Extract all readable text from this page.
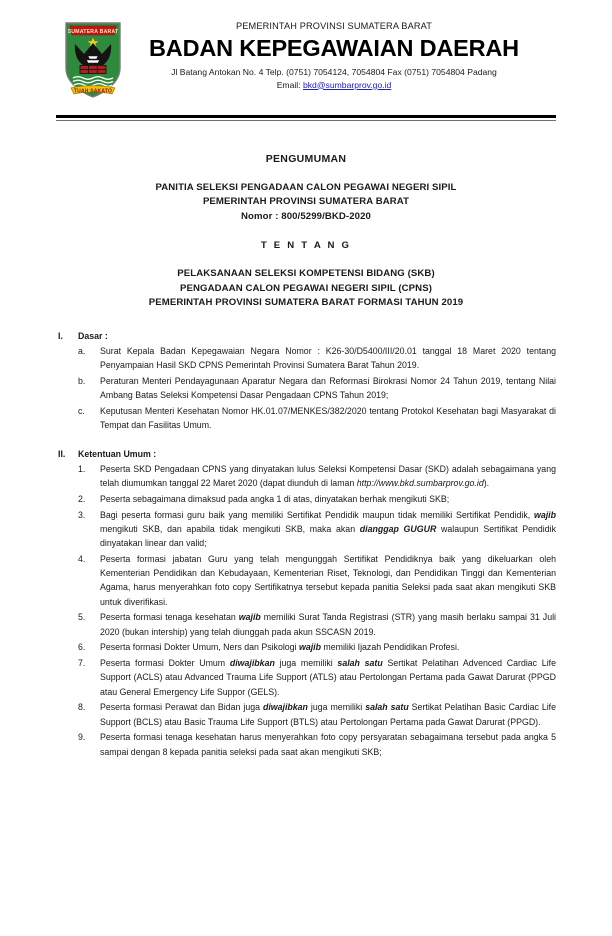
SUMATERA BARAT
TUAH SAKATO
PEMERINTAH PROVINSI SUMATERA BARAT
BADAN KEPEGAWAIAN DAERAH
Jl Batang Antokan No. 4 Telp. (0751) 7054124, 7054804 Fax (0751) 7054804 Padang
Email: bkd@sumbarprov.go.id
PENGUMUMAN
PANITIA SELEKSI PENGADAAN CALON PEGAWAI NEGERI SIPIL
PEMERINTAH PROVINSI SUMATERA BARAT
Nomor : 800/5299/BKD-2020
T E N T A N G
PELAKSANAAN SELEKSI KOMPETENSI BIDANG (SKB)
PENGADAAN CALON PEGAWAI NEGERI SIPIL (CPNS)
PEMERINTAH PROVINSI SUMATERA BARAT FORMASI TAHUN 2019
I.	Dasar :
a.	Surat Kepala Badan Kepegawaian Negara Nomor : K26-30/D5400/III/20.01 tanggal 18 Maret 2020 tentang Penyampaian Hasil SKD CPNS Pemerintah Provinsi Sumatera Barat Tahun 2019.
b.	Peraturan Menteri Pendayagunaan Aparatur Negara dan Reformasi Birokrasi Nomor 24 Tahun 2019, tentang Nilai Ambang Batas Seleksi Kompetensi Dasar Pengadaan CPNS Tahun 2019;
c.	Keputusan Menteri Kesehatan Nomor HK.01.07/MENKES/382/2020 tentang Protokol Kesehatan bagi Masyarakat di Tempat dan Fasilitas Umum.
II.	Ketentuan Umum :
1.	Peserta SKD Pengadaan CPNS yang dinyatakan lulus Seleksi Kompetensi Dasar (SKD) adalah sebagaimana yang telah diumumkan tanggal 22 Maret 2020 (dapat diunduh di laman http://www.bkd.sumbarprov.go.id).
2.	Peserta sebagaimana dimaksud pada angka 1 di atas, dinyatakan berhak mengikuti SKB;
3.	Bagi peserta formasi guru baik yang memiliki Sertifikat Pendidik maupun tidak memiliki Sertifikat Pendidik, wajib mengikuti SKB, dan apabila tidak mengikuti SKB, maka akan dianggap GUGUR walaupun Sertifikat Pendidik dinyatakan linear dan valid;
4.	Peserta formasi jabatan Guru yang telah mengunggah Sertifikat Pendidiknya baik yang dikeluarkan oleh Kementerian Pendidikan dan Kebudayaan, Kementerian Riset, Teknologi, dan Pendidikan Tinggi dan Kementerian Agama, harus menyerahkan foto copy Sertifikatnya tersebut kepada panitia Seleksi pada saat akan mengikuti SKB untuk diverifikasi.
5.	Peserta formasi tenaga kesehatan wajib memiliki Surat Tanda Registrasi (STR) yang masih berlaku sampai 31 Juli 2020 (bukan intership) yang telah diunggah pada akun SSCASN 2019.
6.	Peserta formasi Dokter Umum, Ners dan Psikologi wajib memiliki Ijazah Pendidikan Profesi.
7.	Peserta formasi Dokter Umum diwajibkan juga memiliki salah satu Sertikat Pelatihan Advenced Cardiac Life Support (ACLS) atau Advanced Trauma Life Support (ATLS) atau Pertolongan Pertama pada Gawat Darurat (PPGD atau General Emergency Life Suppor (GELS).
8.	Peserta formasi Perawat dan Bidan juga diwajibkan juga memiliki salah satu Sertikat Pelatihan Basic Cardiac Life Support (BCLS) atau Basic Trauma Life Support (BTLS) atau Pertolongan Pertama pada Gawat Darurat (PPGD).
9.	Peserta formasi tenaga kesehatan harus menyerahkan foto copy persyaratan sebagaimana tersebut pada angka 5 sampai dengan 8 kepada panitia seleksi pada saat akan mengikuti SKB;
